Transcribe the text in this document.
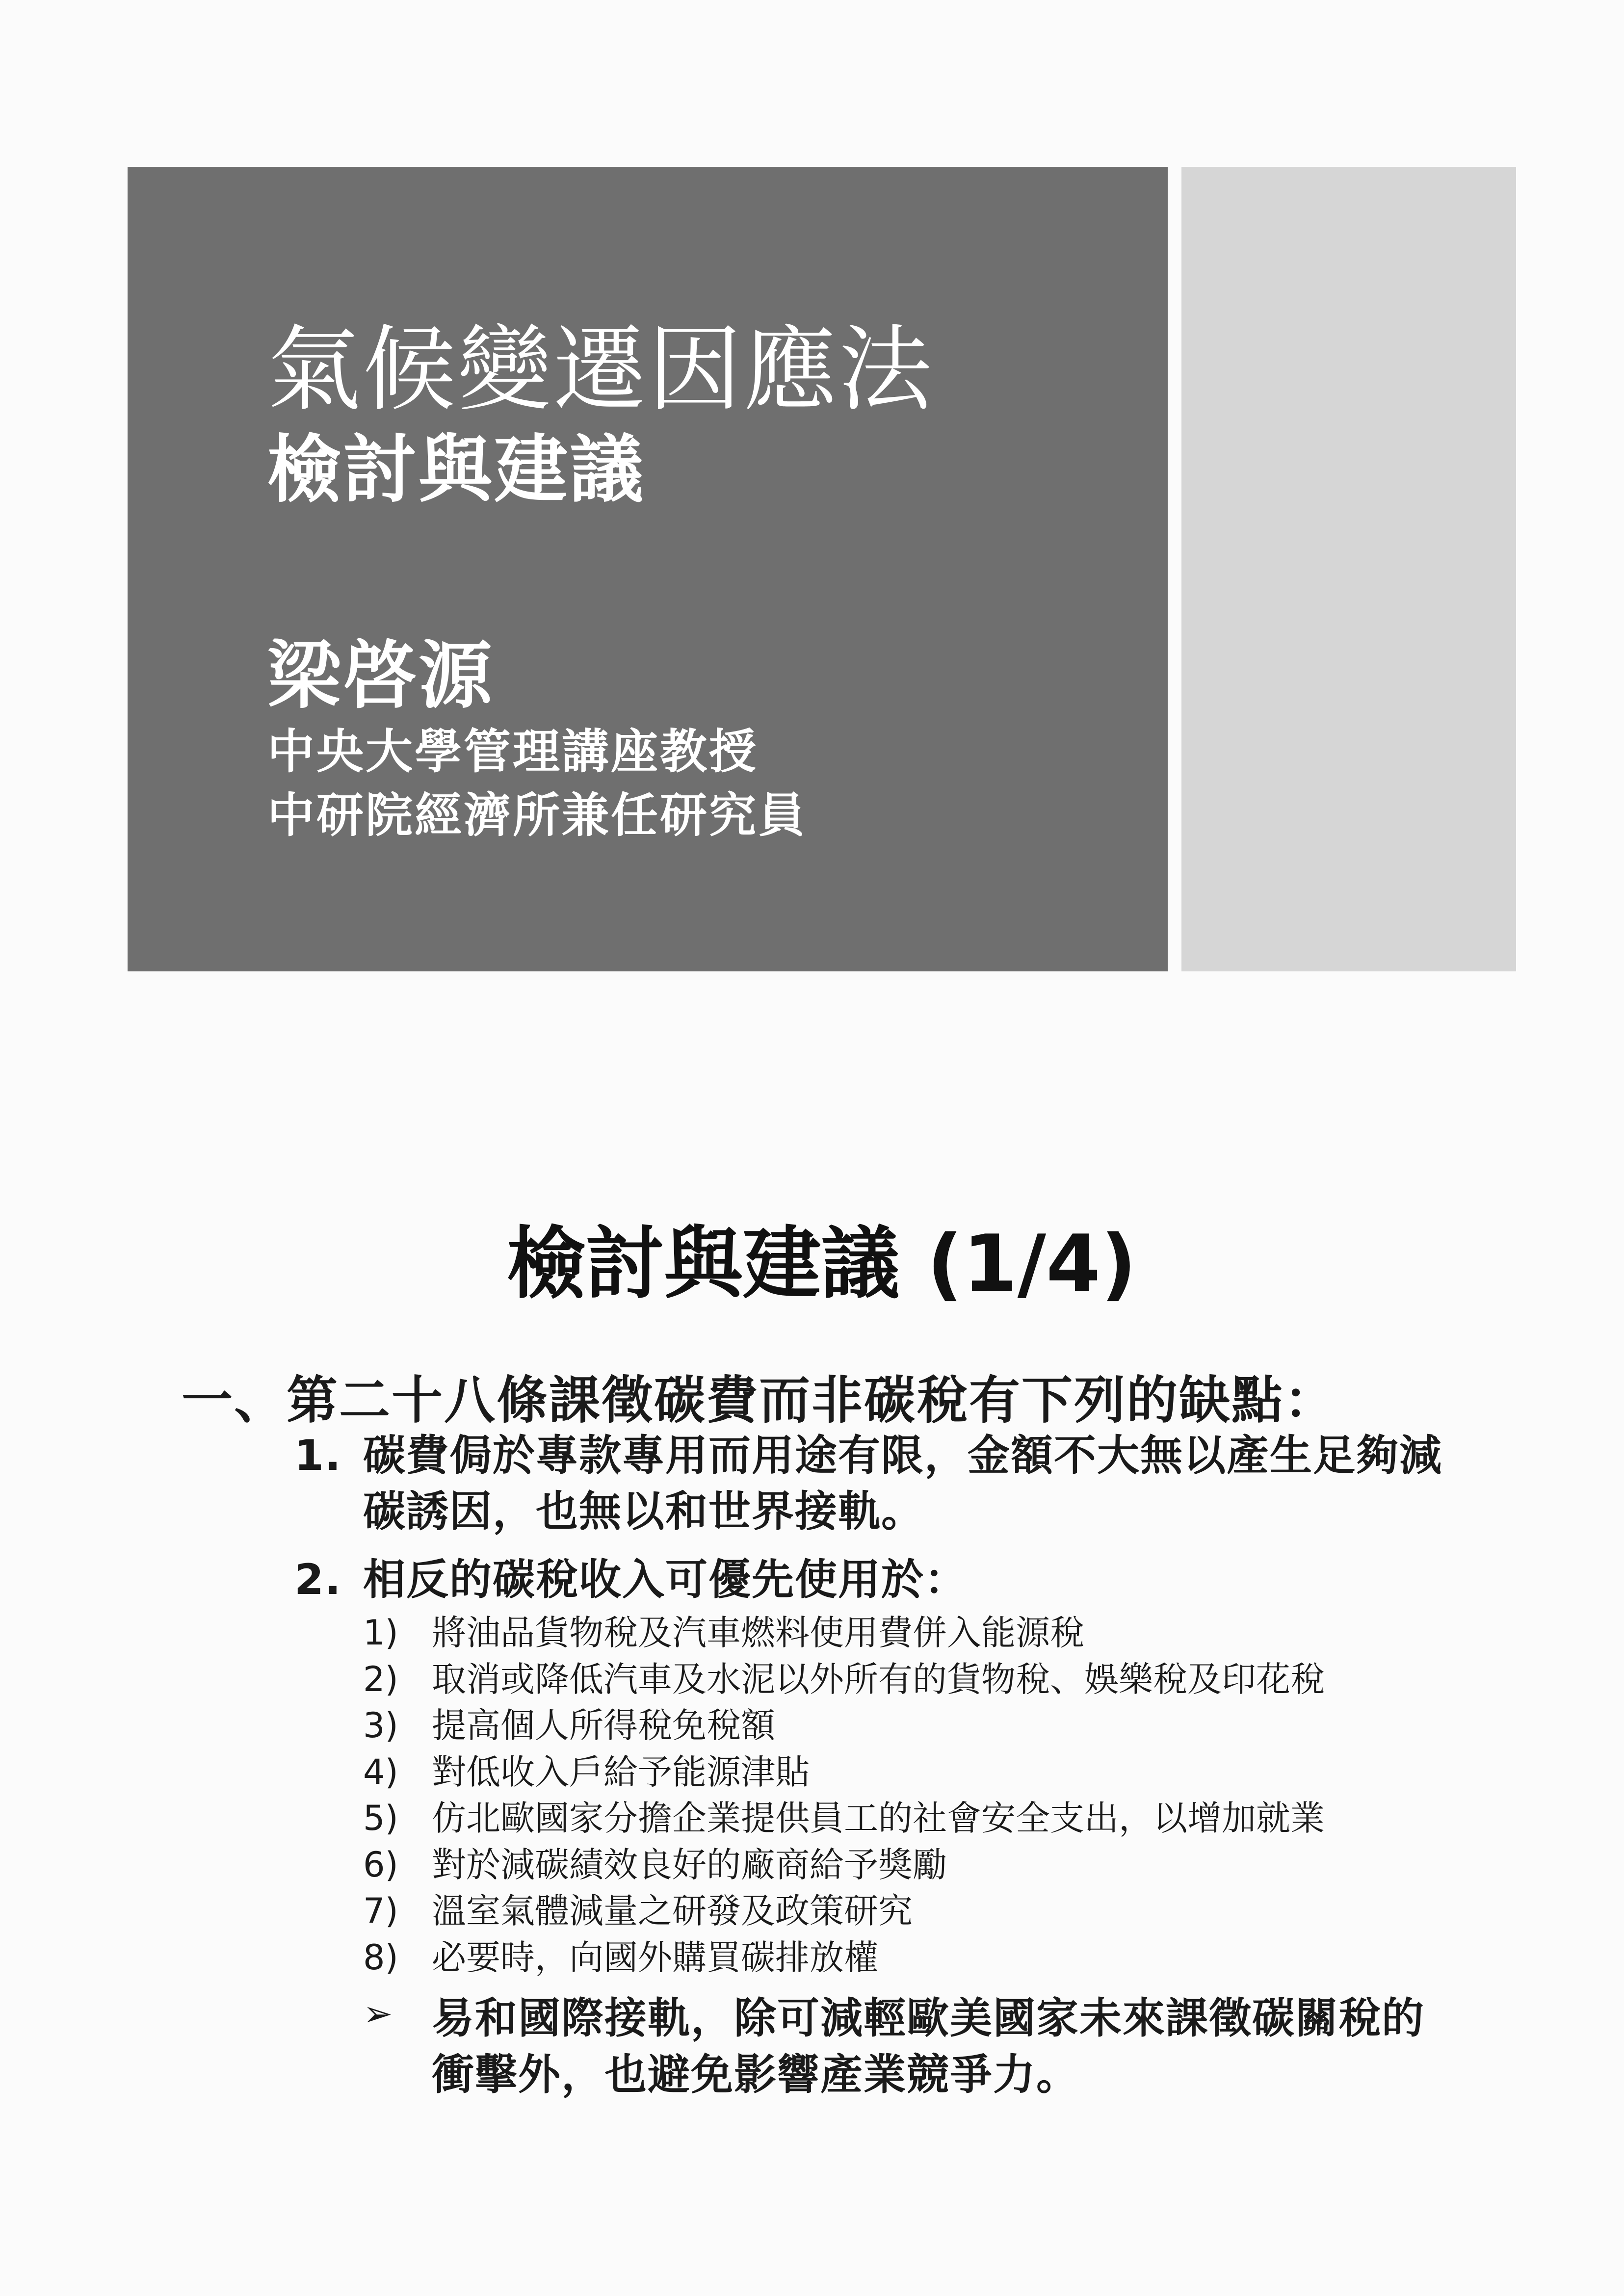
氣候變遷因應法
檢討與建議
梁啓源
中央大學管理講座教授
中研院經濟所兼任研究員
檢討與建議 (1/4)
一、第二十八條課徵碳費而非碳稅有下列的缺點：
1. 碳費侷於專款專用而用途有限，金額不大無以產生足夠減碳誘因，也無以和世界接軌。
2. 相反的碳稅收入可優先使用於：
1) 將油品貨物稅及汽車燃料使用費併入能源稅
2) 取消或降低汽車及水泥以外所有的貨物稅、娛樂稅及印花稅
3) 提高個人所得稅免稅額
4) 對低收入戶給予能源津貼
5) 仿北歐國家分擔企業提供員工的社會安全支出，以增加就業
6) 對於減碳績效良好的廠商給予獎勵
7) 溫室氣體減量之研發及政策研究
8) 必要時，向國外購買碳排放權
➢ 易和國際接軌，除可減輕歐美國家未來課徵碳關稅的衝擊外，也避免影響產業競爭力。
